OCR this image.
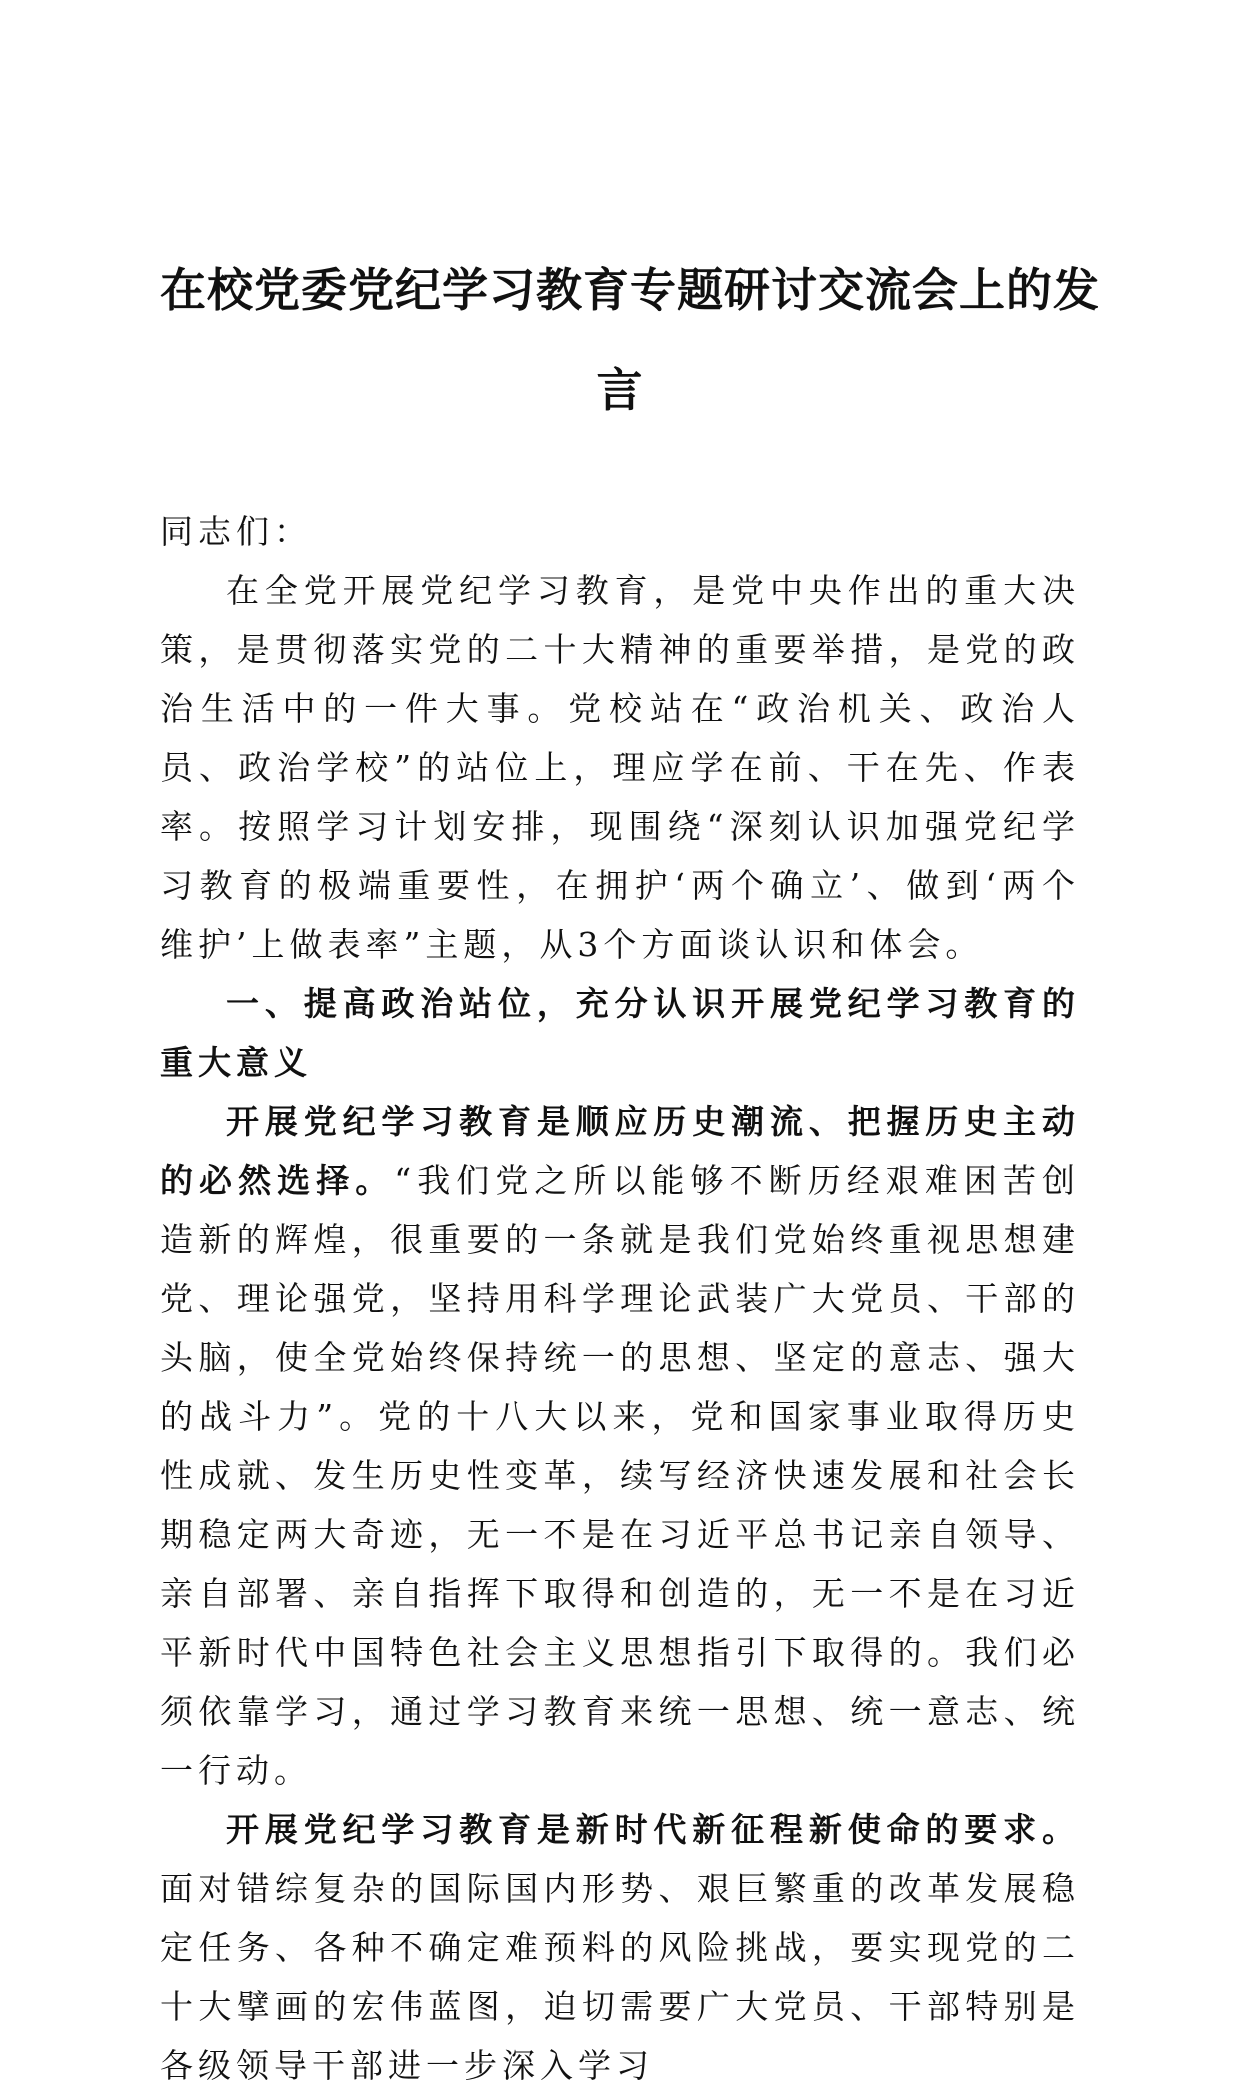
在校党委党纪学习教育专题研讨交流会上的发
言

同志们：

在全党开展党纪学习教育，是党中央作出的重大决策，是贯彻落实党的二十大精神的重要举措，是党的政治生活中的一件大事。党校站在“政治机关、政治人员、政治学校”的站位上，理应学在前、干在先、作表率。按照学习计划安排，现围绕“深刻认识加强党纪学习教育的极端重要性，在拥护‘两个确立’、做到‘两个维护’上做表率”主题，从3个方面谈认识和体会。

一、提高政治站位，充分认识开展党纪学习教育的重大意义

开展党纪学习教育是顺应历史潮流、把握历史主动的必然选择。“我们党之所以能够不断历经艰难困苦创造新的辉煌，很重要的一条就是我们党始终重视思想建党、理论强党，坚持用科学理论武装广大党员、干部的头脑，使全党始终保持统一的思想、坚定的意志、强大的战斗力”。党的十八大以来，党和国家事业取得历史性成就、发生历史性变革，续写经济快速发展和社会长期稳定两大奇迹，无一不是在习近平总书记亲自领导、亲自部署、亲自指挥下取得和创造的，无一不是在习近平新时代中国特色社会主义思想指引下取得的。我们必须依靠学习，通过学习教育来统一思想、统一意志、统一行动。

开展党纪学习教育是新时代新征程新使命的要求。面对错综复杂的国际国内形势、艰巨繁重的改革发展稳定任务、各种不确定难预料的风险挑战，要实现党的二十大擘画的宏伟蓝图，迫切需要广大党员、干部特别是各级领导干部进一步深入学习
